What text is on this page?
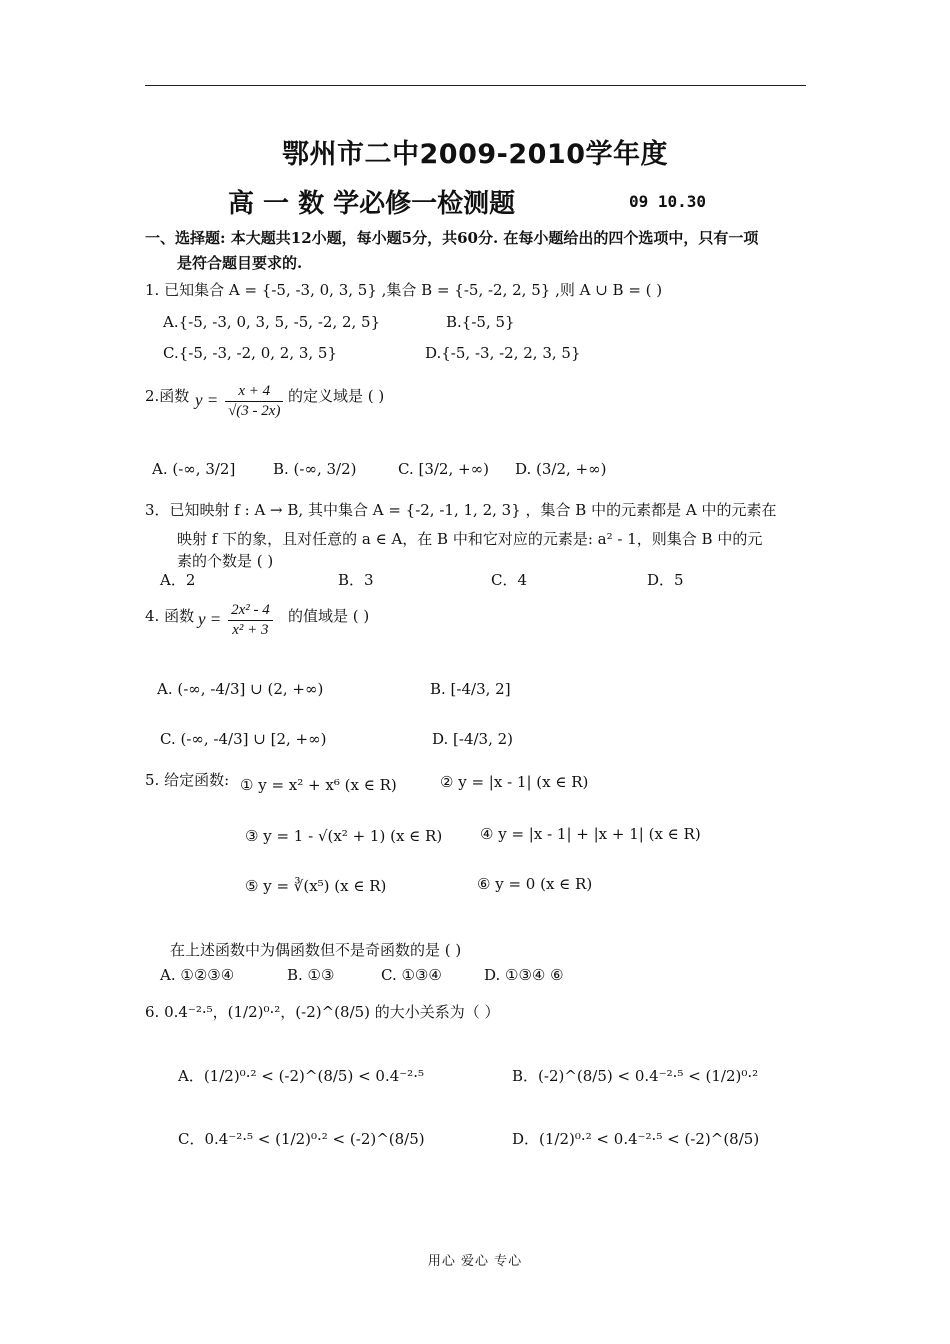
鄂州市二中2009-2010学年度
高 一 数 学必修一检测题	09 10.30
一、选择题: 本大题共12小题，每小题5分，共60分. 在每小题给出的四个选项中，只有一项
是符合题目要求的.
1. 已知集合 A = {-5, -3, 0, 3, 5} ,集合 B = {-5, -2, 2, 5} ,则 A ∪ B = ( )
A.{-5, -3, 0, 3, 5, -5, -2, 2, 5}	B.{-5, 5}
C.{-5, -3, -2, 0, 2, 3, 5}	D.{-5, -3, -2, 2, 3, 5}
2.函数 $y = \frac{x + 4}{√(3 - 2x)}$ 的定义域是 ( )
A. (-∞, 3/2]	B. (-∞, 3/2)	C. [3/2, +∞) D. (3/2, +∞)
3．已知映射 f : A → B, 其中集合 A = {-2, -1, 1, 2, 3} ，集合 B 中的元素都是 A 中的元素在
映射 f 下的象，且对任意的 a ∈ A，在 B 中和它对应的元素是: a² - 1，则集合 B 中的元
素的个数是 ( )
A．2	B．3	C．4	D．5
4. 函数 $y = \frac{\text{2x² - 4}}{\text{x² + 3}}$ 的值域是 ( )
A. (-∞, -4/3] ∪ (2, +∞)	B. [-4/3, 2]
C. (-∞, -4/3] ∪ [2, +∞)	D. [-4/3, 2)
5. 给定函数: ① y = x² + x⁶ (x ∈ R)	② y = |x - 1| (x ∈ R)
③ y = 1 - √(x² + 1) (x ∈ R)	④ y = |x - 1| + |x + 1| (x ∈ R)
⑤ y = ∛(x⁵) (x ∈ R)	⑥ y = 0 (x ∈ R)
在上述函数中为偶函数但不是奇函数的是 ( )
A. ①②③④	B. ①③	C. ①③④	D. ①③④ ⑥
6. 0.4⁻²·⁵，(1/2)⁰·²，(-2)^(8/5) 的大小关系为（ ）
A．(1/2)⁰·² < (-2)^(8/5) < 0.4⁻²·⁵	B．(-2)^(8/5) < 0.4⁻²·⁵ < (1/2)⁰·²
C．0.4⁻²·⁵ < (1/2)⁰·² < (-2)^(8/5)	D．(1/2)⁰·² < 0.4⁻²·⁵ < (-2)^(8/5)
用心 爱心 专心
